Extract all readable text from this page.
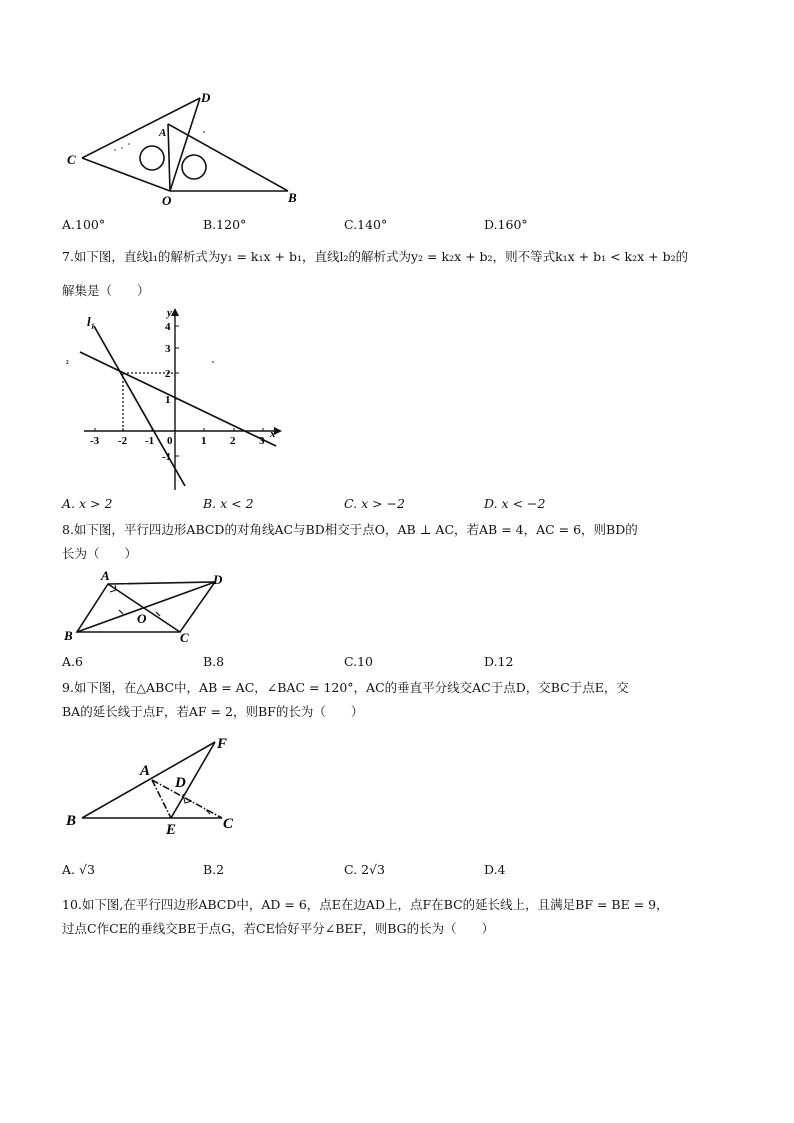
D
A
C
O	B
A.100°	B.120°	C.140°	D.160°
7.如下图，直线l₁的解析式为y₁ = k₁x + b₁，直线l₂的解析式为y₂ = k₂x + b₂，则不等式k₁x + b₁ < k₂x + b₂的
解集是（　　）
l₁
₂
y
x
0
-3 -2 -1	1 2 3
4
3
2
1
-1
A. x > 2	B. x < 2	C. x > −2	D. x < −2
8.如下图，平行四边形ABCD的对角线AC与BD相交于点O，AB ⊥ AC，若AB = 4，AC = 6，则BD的
长为（　　）
A	D
O
B	C
A.6	B.8	C.10	D.12
9.如下图，在△ABC中，AB = AC，∠BAC = 120°，AC的垂直平分线交AC于点D，交BC于点E，交
BA的延长线于点F，若AF = 2，则BF的长为（　　）
F
A
D
B
E	C
A. √3	B.2	C. 2√3	D.4
10.如下图,在平行四边形ABCD中，AD = 6，点E在边AD上，点F在BC的延长线上，且满足BF = BE = 9，
过点C作CE的垂线交BE于点G，若CE恰好平分∠BEF，则BG的长为（　　）
